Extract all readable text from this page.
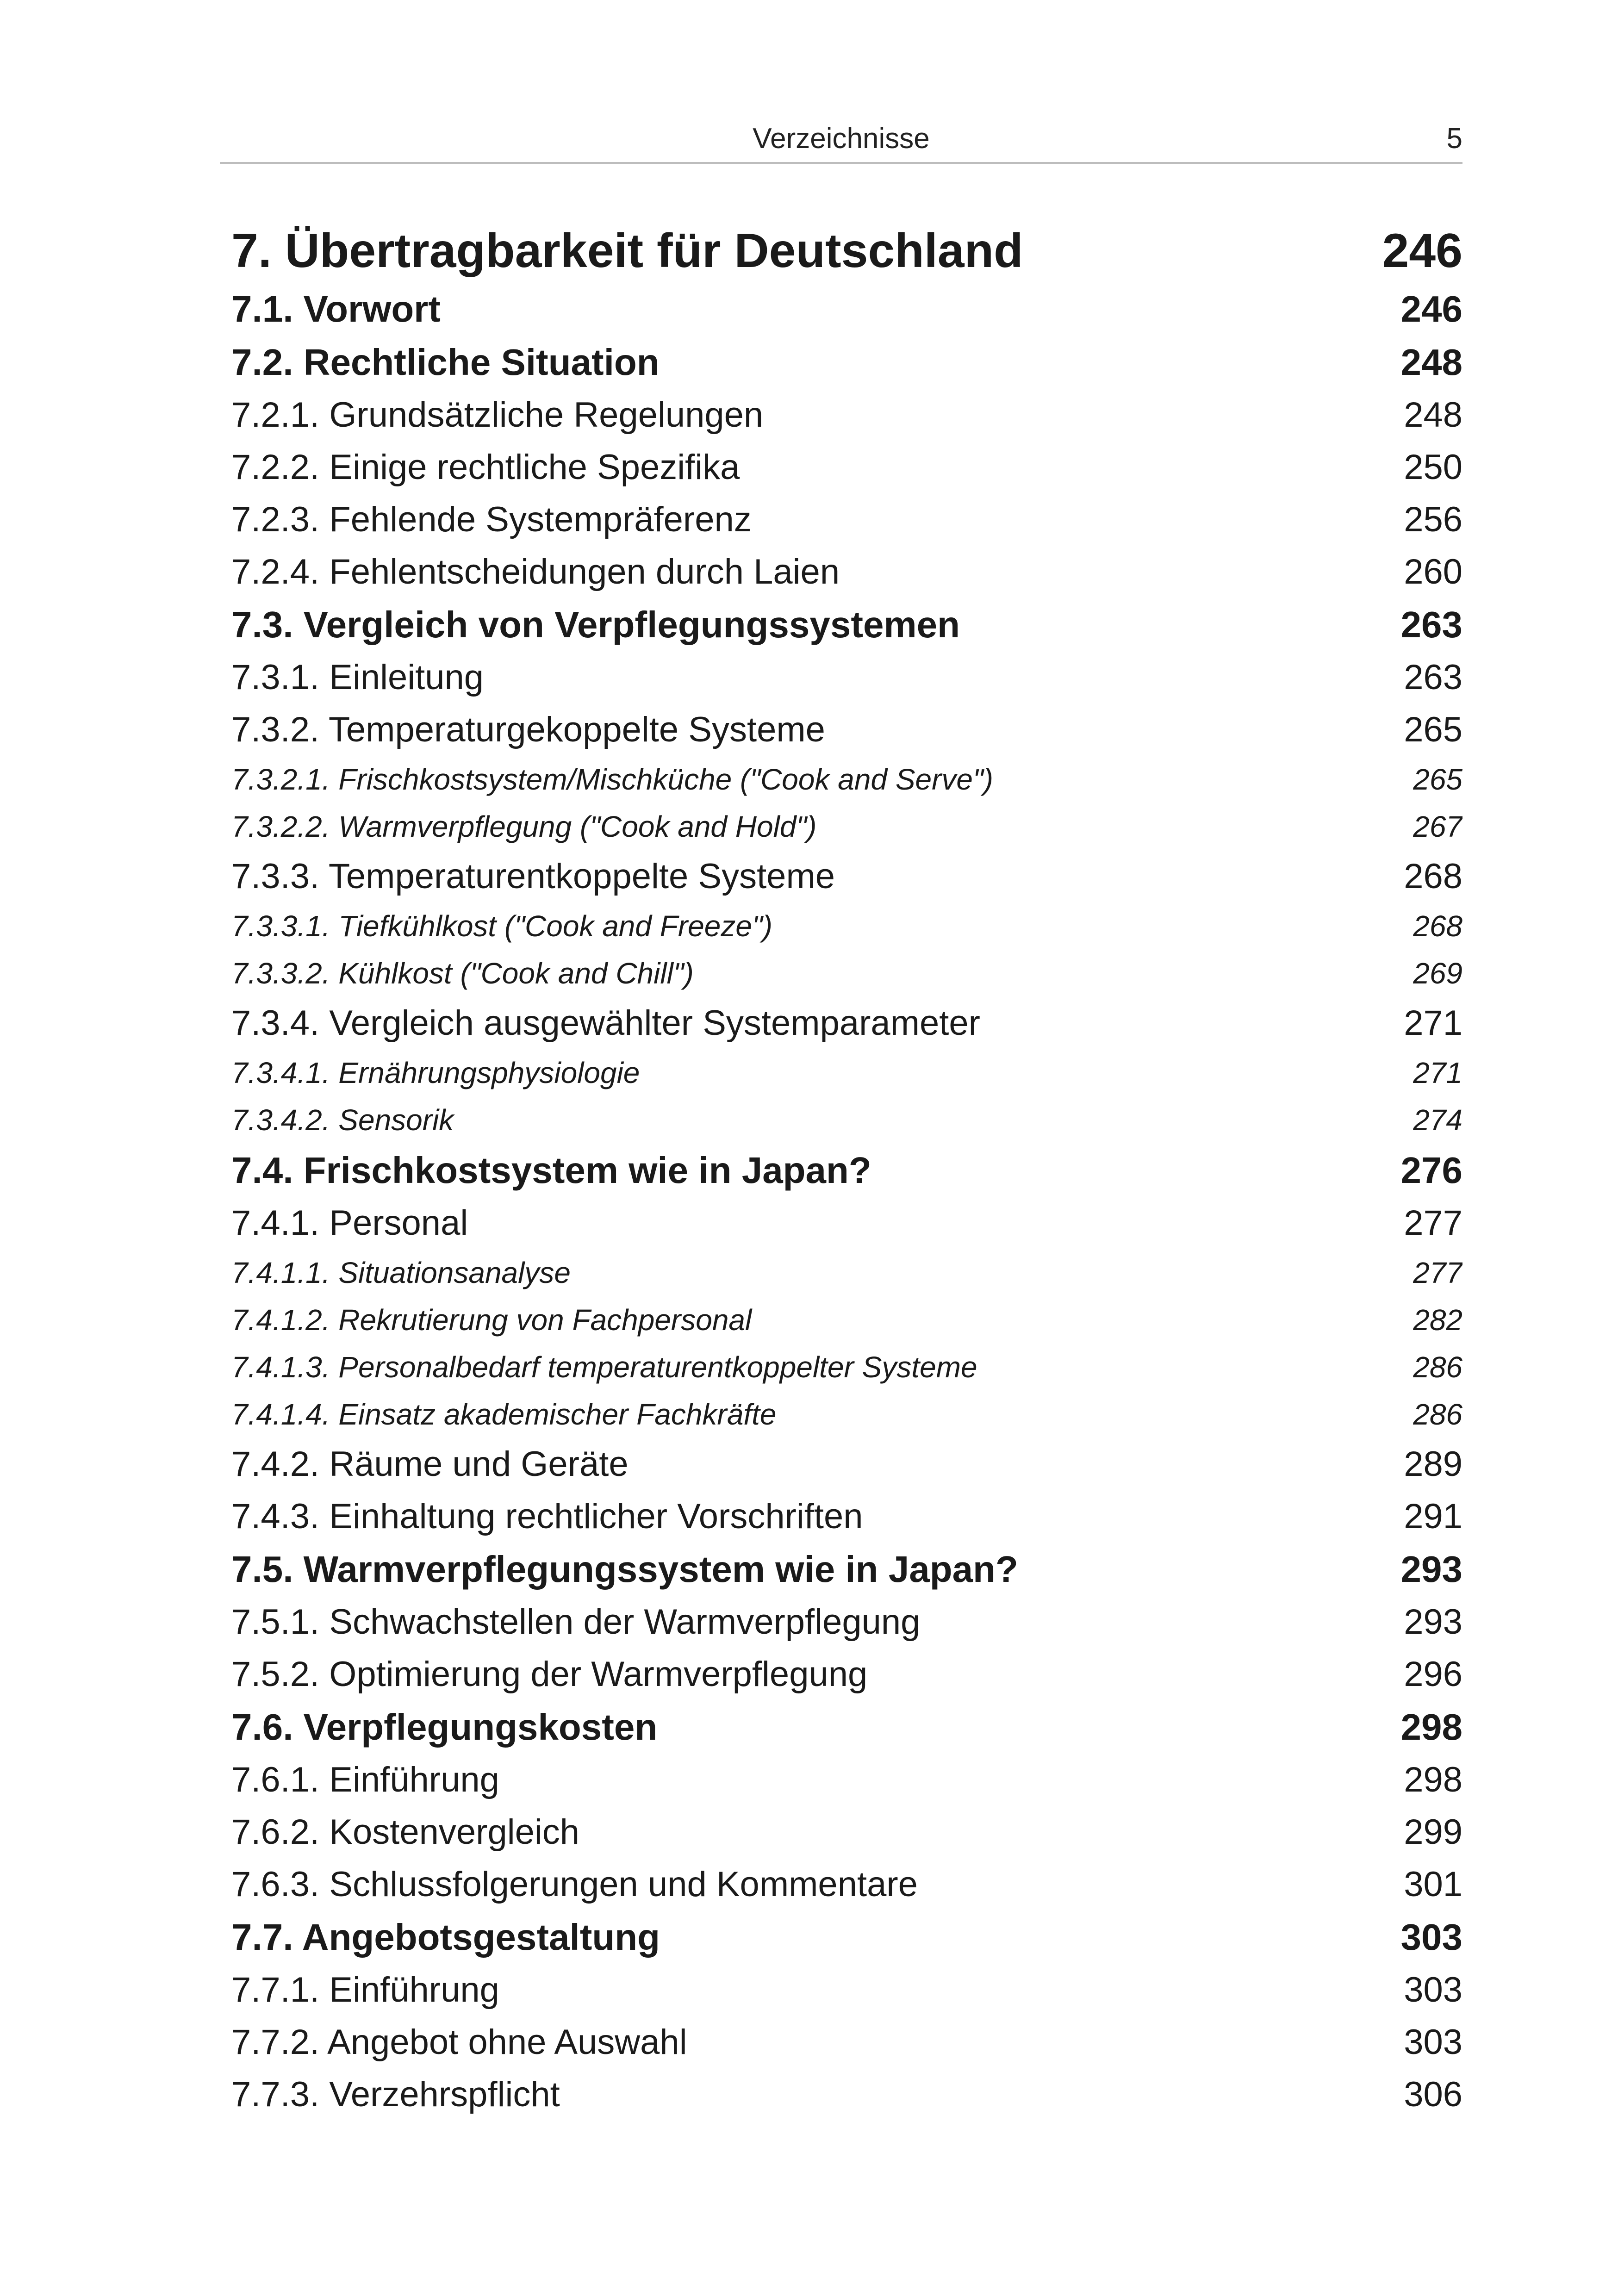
Verzeichnisse	5
7. Übertragbarkeit für Deutschland	246
7.1. Vorwort	246
7.2. Rechtliche Situation	248
7.2.1. Grundsätzliche Regelungen	248
7.2.2. Einige rechtliche Spezifika	250
7.2.3. Fehlende Systempräferenz	256
7.2.4. Fehlentscheidungen durch Laien	260
7.3. Vergleich von Verpflegungssystemen	263
7.3.1. Einleitung	263
7.3.2. Temperaturgekoppelte Systeme	265
7.3.2.1. Frischkostsystem/Mischküche ("Cook and Serve")	265
7.3.2.2. Warmverpflegung ("Cook and Hold")	267
7.3.3. Temperaturentkoppelte Systeme	268
7.3.3.1. Tiefkühlkost ("Cook and Freeze")	268
7.3.3.2. Kühlkost ("Cook and Chill")	269
7.3.4. Vergleich ausgewählter Systemparameter	271
7.3.4.1. Ernährungsphysiologie	271
7.3.4.2. Sensorik	274
7.4. Frischkostsystem wie in Japan?	276
7.4.1. Personal	277
7.4.1.1. Situationsanalyse	277
7.4.1.2. Rekrutierung von Fachpersonal	282
7.4.1.3. Personalbedarf temperaturentkoppelter Systeme	286
7.4.1.4. Einsatz akademischer Fachkräfte	286
7.4.2. Räume und Geräte	289
7.4.3. Einhaltung rechtlicher Vorschriften	291
7.5. Warmverpflegungssystem wie in Japan?	293
7.5.1. Schwachstellen der Warmverpflegung	293
7.5.2. Optimierung der Warmverpflegung	296
7.6. Verpflegungskosten	298
7.6.1. Einführung	298
7.6.2. Kostenvergleich	299
7.6.3. Schlussfolgerungen und Kommentare	301
7.7. Angebotsgestaltung	303
7.7.1. Einführung	303
7.7.2. Angebot ohne Auswahl	303
7.7.3. Verzehrspflicht	306
